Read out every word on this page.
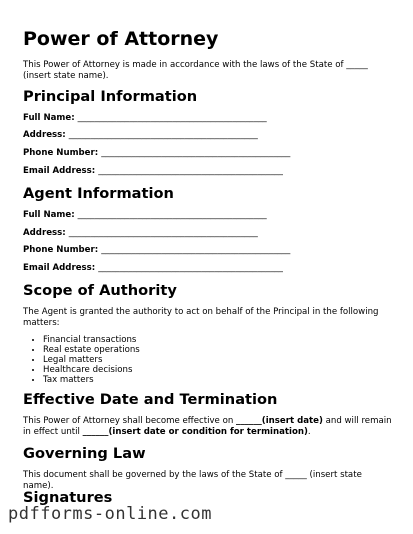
Power of Attorney

This Power of Attorney is made in accordance with the laws of the State of _____ (insert state name).

Principal Information
Full Name: ____________________________________________
Address: ____________________________________________
Phone Number: ____________________________________________
Email Address: ___________________________________________
Agent Information
Full Name: ____________________________________________
Address: ____________________________________________
Phone Number: ____________________________________________
Email Address: ___________________________________________
Scope of Authority

The Agent is granted the authority to act on behalf of the Principal in the following matters:

• Financial transactions
• Real estate operations
• Legal matters
• Healthcare decisions
• Tax matters
Effective Date and Termination

This Power of Attorney shall become effective on ______(insert date) and will remain in effect until ______(insert date or condition for termination).

Governing Law

This document shall be governed by the laws of the State of _____ (insert state name).

Signatures
pdfforms-online.com
